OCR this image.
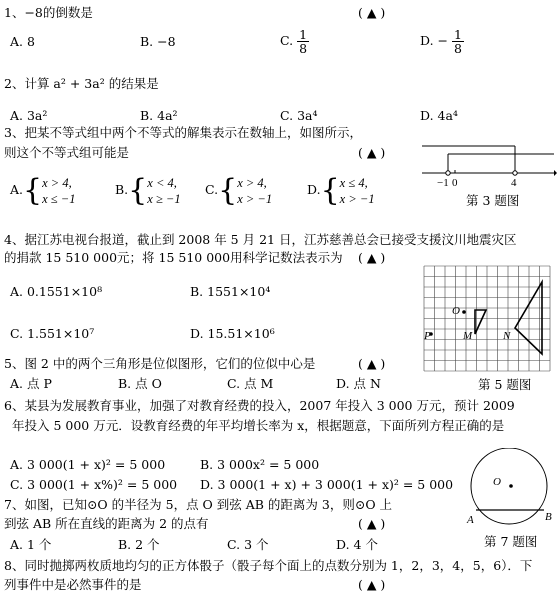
1、−8的倒数是	( ▲ )
A. 8	B. −8	C. $\frac{1}{8}$	D. − $\frac{1}{8}$
2、计算 a² + 3a² 的结果是
A. 3a²	B. 4a²	C. 3a⁴	D. 4a⁴
3、把某不等式组中两个不等式的解集表示在数轴上，如图所示，
则这个不等式组可能是	( ▲ )
A.{ x > 4,
x ≤ −1
B.{ x < 4,
x ≥ −1
C.{ x > 4,
x > −1
D.{ x ≤ 4,
x > −1
−1 0	4
第 3 题图
4、据江苏电视台报道，截止到 2008 年 5 月 21 日，江苏慈善总会已接受支援汶川地震灾区
的捐款 15 510 000元；将 15 510 000用科学记数法表示为 ( ▲ )
A. 0.1551×10⁸	B. 1551×10⁴
C. 1.551×10⁷	D. 15.51×10⁶
O
P	M	N
第 5 题图
5、图 2 中的两个三角形是位似图形，它们的位似中心是	( ▲ )
A. 点 P	B. 点 O	C. 点 M	D. 点 N
6、某县为发展教育事业，加强了对教育经费的投入，2007 年投入 3 000 万元，预计 2009
年投入 5 000 万元．设教育经费的年平均增长率为 x，根据题意，下面所列方程正确的是
A. 3 000(1 + x)² = 5 000	B. 3 000x² = 5 000
C. 3 000(1 + x%)² = 5 000 D. 3 000(1 + x) + 3 000(1 + x)² = 5 000
7、如图，已知⊙O 的半径为 5，点 O 到弦 AB 的距离为 3，则⊙O 上
到弦 AB 所在直线的距离为 2 的点有	( ▲ )
A. 1 个	B. 2 个	C. 3 个	D. 4 个
O
A	B
第 7 题图
8、同时抛掷两枚质地均匀的正方体骰子（骰子每个面上的点数分别为 1，2，3，4，5，6）．下
列事件中是必然事件的是	( ▲ )
